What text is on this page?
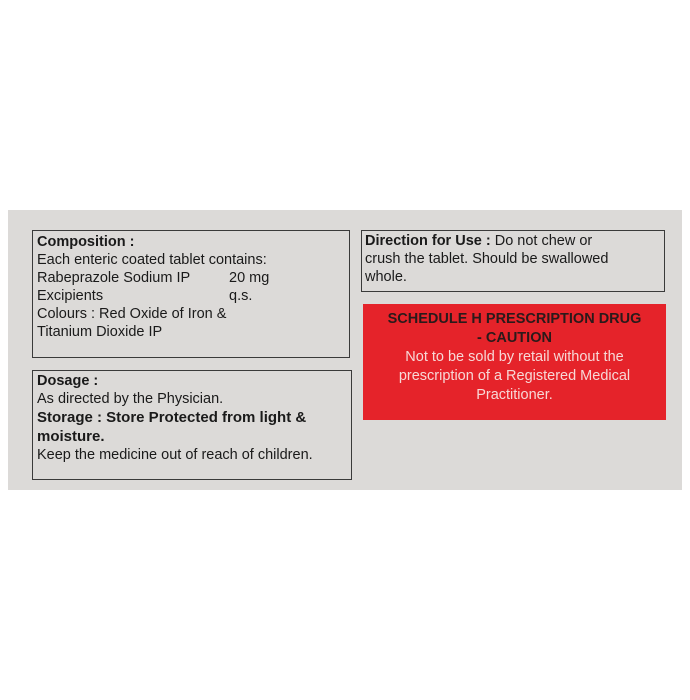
Composition :
Each enteric coated tablet contains:
Rabeprazole Sodium IP	20 mg
Excipients	q.s.
Colours : Red Oxide of Iron &
Titanium Dioxide IP
Dosage :
As directed by the Physician.
Storage : Store Protected from light &
moisture.
Keep the medicine out of reach of children.
Direction for Use : Do not chew or
crush the tablet. Should be swallowed
whole.
SCHEDULE H PRESCRIPTION DRUG
- CAUTION
Not to be sold by retail without the
prescription of a Registered Medical
Practitioner.
